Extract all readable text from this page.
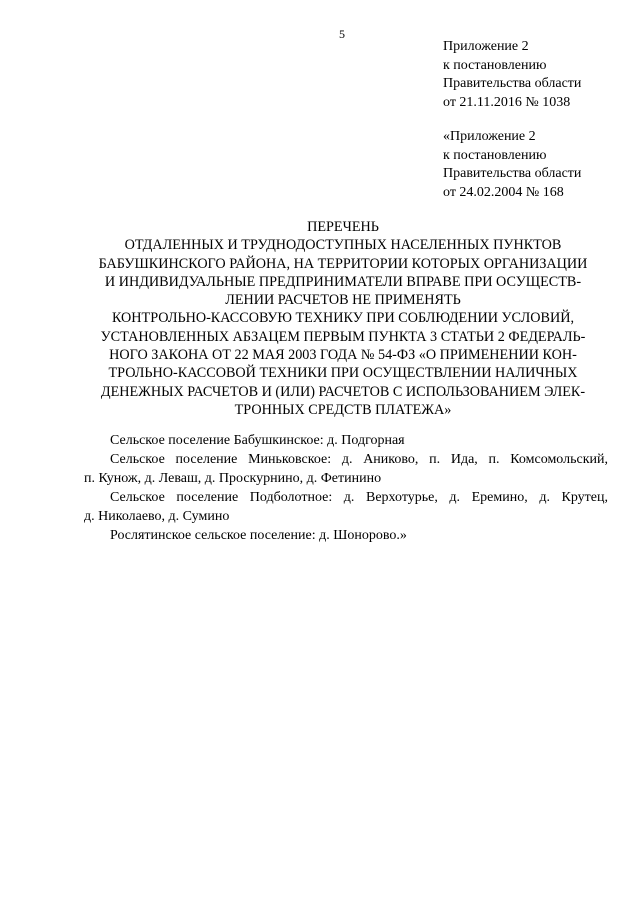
5
Приложение 2
к постановлению
Правительства области
от 21.11.2016 № 1038
«Приложение 2
к постановлению
Правительства области
от 24.02.2004 № 168
ПЕРЕЧЕНЬ
ОТДАЛЕННЫХ И ТРУДНОДОСТУПНЫХ НАСЕЛЕННЫХ ПУНКТОВ
БАБУШКИНСКОГО РАЙОНА, НА ТЕРРИТОРИИ КОТОРЫХ ОРГАНИЗАЦИИ
И ИНДИВИДУАЛЬНЫЕ ПРЕДПРИНИМАТЕЛИ ВПРАВЕ ПРИ ОСУЩЕСТВ-
ЛЕНИИ РАСЧЕТОВ НЕ ПРИМЕНЯТЬ
КОНТРОЛЬНО-КАССОВУЮ ТЕХНИКУ ПРИ СОБЛЮДЕНИИ УСЛОВИЙ,
УСТАНОВЛЕННЫХ АБЗАЦЕМ ПЕРВЫМ ПУНКТА 3 СТАТЬИ 2 ФЕДЕРАЛЬ-
НОГО ЗАКОНА ОТ 22 МАЯ 2003 ГОДА № 54-ФЗ «О ПРИМЕНЕНИИ КОН-
ТРОЛЬНО-КАССОВОЙ ТЕХНИКИ ПРИ ОСУЩЕСТВЛЕНИИ НАЛИЧНЫХ
ДЕНЕЖНЫХ РАСЧЕТОВ И (ИЛИ) РАСЧЕТОВ С ИСПОЛЬЗОВАНИЕМ ЭЛЕК-
ТРОННЫХ СРЕДСТВ ПЛАТЕЖА»
Сельское поселение Бабушкинское: д. Подгорная
Сельское поселение Миньковское: д. Аниково, п. Ида, п. Комсомольский,
п. Кунож, д. Леваш, д. Проскурнино, д. Фетинино
Сельское поселение Подболотное: д. Верхотурье, д. Еремино, д. Крутец,
д. Николаево, д. Сумино
Рослятинское сельское поселение: д. Шонорово.»
